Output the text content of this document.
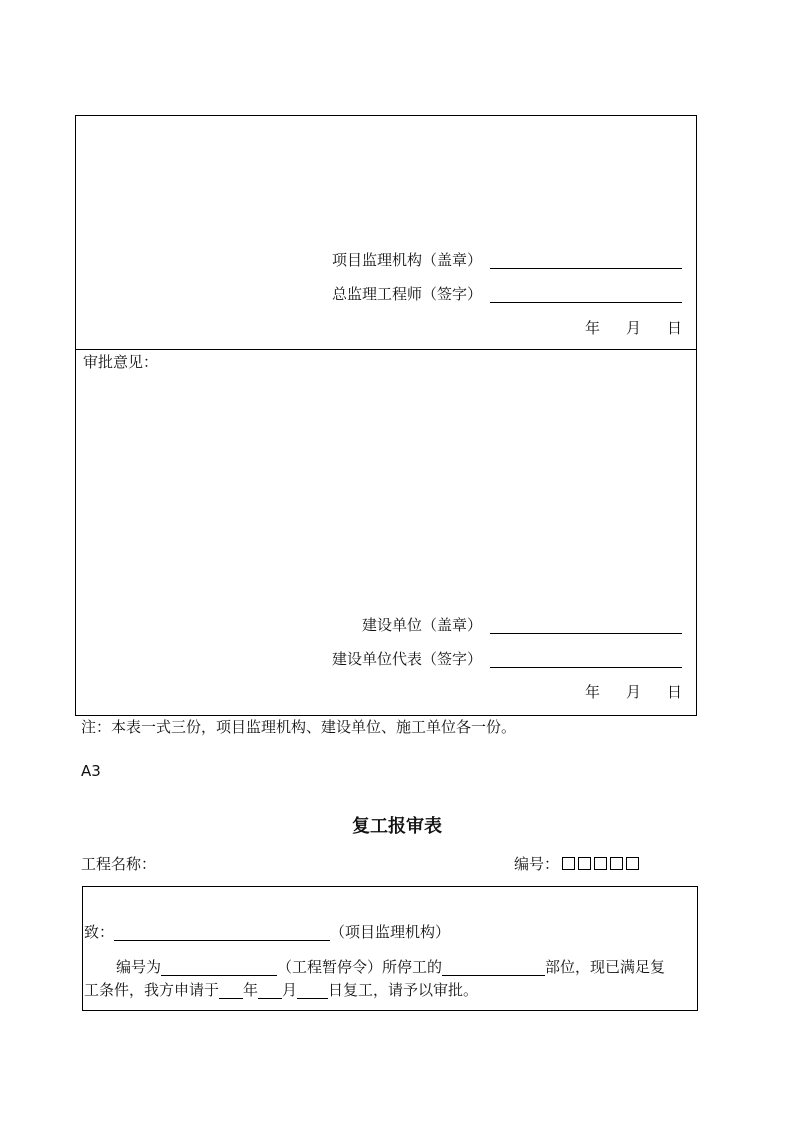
项目监理机构（盖章）
总监理工程师（签字）
年 月 日
审批意见：
建设单位（盖章）
建设单位代表（签字）
年 月 日
注：本表一式三份，项目监理机构、建设单位、施工单位各一份。
A3
复工报审表
工程名称：	编号：
致：	（项目监理机构）
编号为	（工程暂停令）所停工的	部位，现已满足复
工条件，我方申请于 年 月 日复工，请予以审批。
